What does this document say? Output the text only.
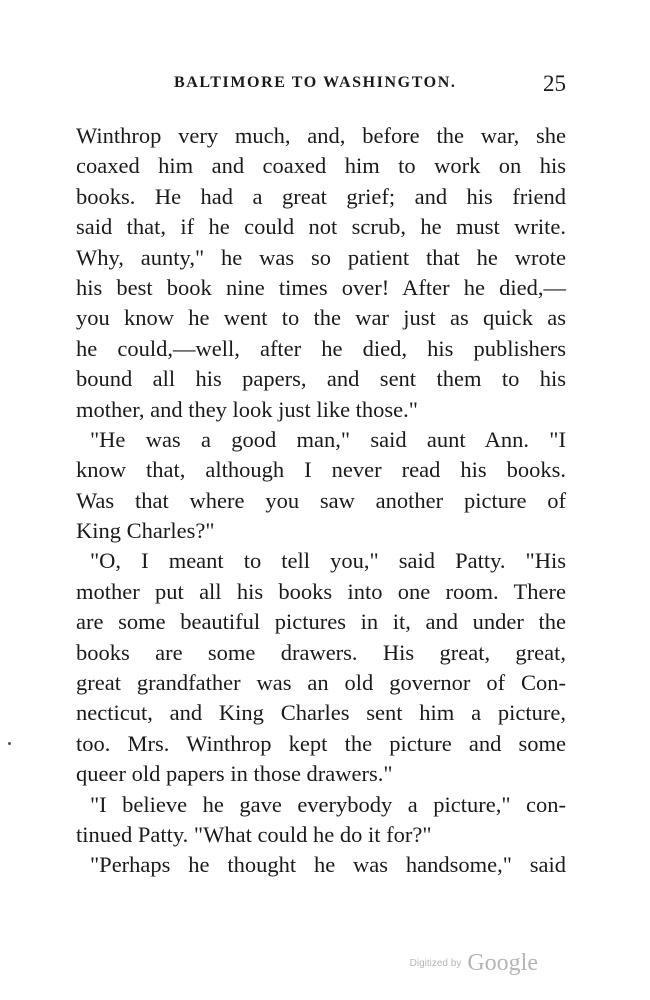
BALTIMORE TO WASHINGTON.	25
Winthrop very much, and, before the war, she
coaxed him and coaxed him to work on his
books. He had a great grief; and his friend
said that, if he could not scrub, he must write.
Why, aunty," he was so patient that he wrote
his best book nine times over! After he died,—
you know he went to the war just as quick as
he could,—well, after he died, his publishers
bound all his papers, and sent them to his
mother, and they look just like those."
"He was a good man," said aunt Ann. "I
know that, although I never read his books.
Was that where you saw another picture of
King Charles?"
"O, I meant to tell you," said Patty. "His
mother put all his books into one room. There
are some beautiful pictures in it, and under the
books are some drawers. His great, great,
great grandfather was an old governor of Con-
necticut, and King Charles sent him a picture,
too. Mrs. Winthrop kept the picture and some
queer old papers in those drawers."
"I believe he gave everybody a picture," con-
tinued Patty. "What could he do it for?"
"Perhaps he thought he was handsome," said
Digitized by Google
